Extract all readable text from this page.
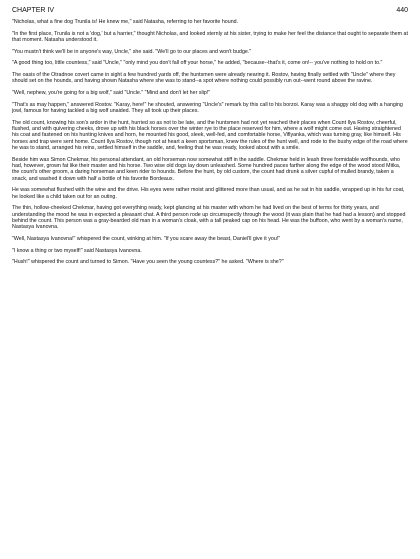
CHAPTER IV	440

"Nicholas, what a fine dog Trunila is! He knew me," said Natasha, referring to her favorite hound.

"In the first place, Trunila is not a 'dog,' but a harrier," thought Nicholas, and looked sternly at his sister, trying to make her feel the distance that ought to separate them at that moment. Natasha understood it.

"You mustn't think we'll be in anyone's way, Uncle," she said. "We'll go to our places and won't budge."

"A good thing too, little countess," said "Uncle," "only mind you don't fall off your horse," he added, "because--that's it, come on!-- you've nothing to hold on to."

The oasis of the Otradnoe covert came in sight a few hundred yards off, the huntsmen were already nearing it. Rostov, having finally settled with "Uncle" where they should set on the hounds, and having shown Natasha where she was to stand--a spot where nothing could possibly run out--went round above the ravine.

"Well, nephew, you're going for a big wolf," said "Uncle." "Mind and don't let her slip!"

"That's as may happen," answered Rostov. "Karay, here!" he shouted, answering "Uncle's" remark by this call to his borzoi. Karay was a shaggy old dog with a hanging jowl, famous for having tackled a big wolf unaided. They all took up their places.

The old count, knowing his son's ardor in the hunt, hurried so as not to be late, and the huntsmen had not yet reached their places when Count Ilya Rostov, cheerful, flushed, and with quivering cheeks, drove up with his black horses over the winter rye to the place reserved for him, where a wolf might come out. Having straightened his coat and fastened on his hunting knives and horn, he mounted his good, sleek, well-fed, and comfortable horse, Viflyanka, which was turning gray, like himself. His horses and trap were sent home. Count Ilya Rostov, though not at heart a keen sportsman, knew the rules of the hunt well, and rode to the bushy edge of the road where he was to stand, arranged his reins, settled himself in the saddle, and, feeling that he was ready, looked about with a smile.

Beside him was Simon Chekmar, his personal attendant, an old horseman now somewhat stiff in the saddle. Chekmar held in leash three formidable wolfhounds, who had, however, grown fat like their master and his horse. Two wise old dogs lay down unleashed. Some hundred paces farther along the edge of the wood stood Mitka, the count's other groom, a daring horseman and keen rider to hounds. Before the hunt, by old custom, the count had drunk a silver cupful of mulled brandy, taken a snack, and washed it down with half a bottle of his favorite Bordeaux.

He was somewhat flushed with the wine and the drive. His eyes were rather moist and glittered more than usual, and as he sat in his saddle, wrapped up in his fur coat, he looked like a child taken out for an outing.

The thin, hollow-cheeked Chekmar, having got everything ready, kept glancing at his master with whom he had lived on the best of terms for thirty years, and understanding the mood he was in expected a pleasant chat. A third person rode up circumspectly through the wood (it was plain that he had had a lesson) and stopped behind the count. This person was a gray-bearded old man in a woman's cloak, with a tall peaked cap on his head. He was the buffoon, who went by a woman's name, Nastasya Ivanovna.

"Well, Nastasya Ivanovna!" whispered the count, winking at him. "If you scare away the beast, Daniel'll give it you!"

"I know a thing or two myself!" said Nastasya Ivanovna.

"Hush!" whispered the count and turned to Simon. "Have you seen the young countess?" he asked. "Where is she?"
